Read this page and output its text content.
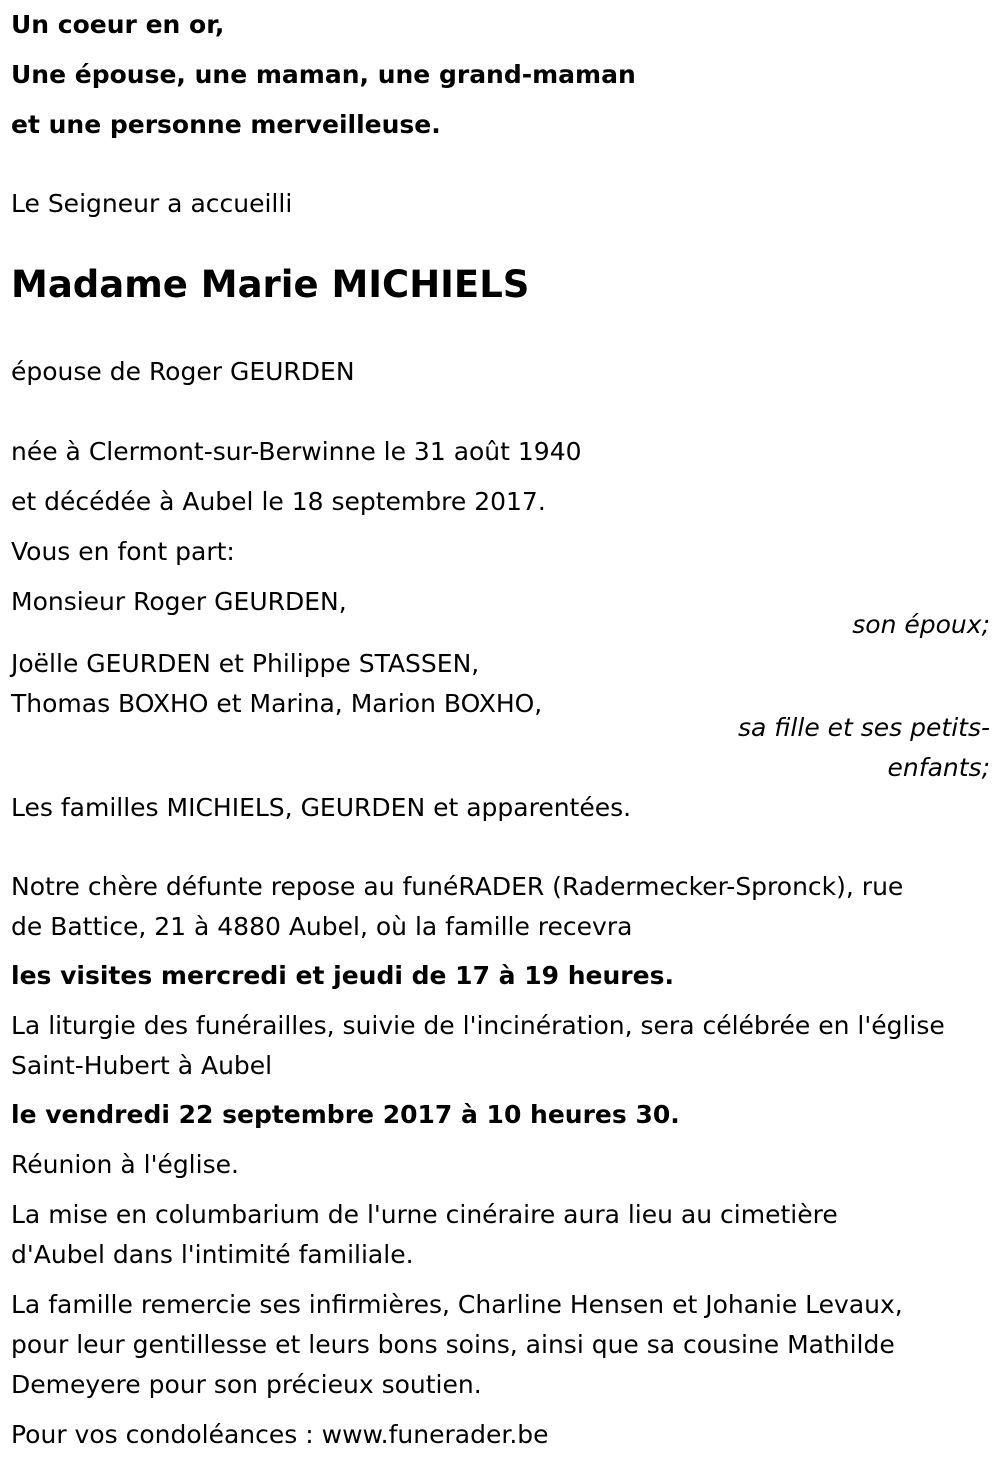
Un coeur en or,

Une épouse, une maman, une grand-maman

et une personne merveilleuse.

Le Seigneur a accueilli

Madame Marie MICHIELS

épouse de Roger GEURDEN

née à Clermont-sur-Berwinne le 31 août 1940

et décédée à Aubel le 18 septembre 2017.

Vous en font part:

Monsieur Roger GEURDEN,

son époux;

Joëlle GEURDEN et Philippe STASSEN,

Thomas BOXHO et Marina, Marion BOXHO,

sa fille et ses petits-
enfants;

Les familles MICHIELS, GEURDEN et apparentées.

Notre chère défunte repose au funéRADER (Radermecker-Spronck), rue

de Battice, 21 à 4880 Aubel, où la famille recevra

les visites mercredi et jeudi de 17 à 19 heures.

La liturgie des funérailles, suivie de l'incinération, sera célébrée en l'église

Saint-Hubert à Aubel

le vendredi 22 septembre 2017 à 10 heures 30.

Réunion à l'église.

La mise en columbarium de l'urne cinéraire aura lieu au cimetière

d'Aubel dans l'intimité familiale.

La famille remercie ses infirmières, Charline Hensen et Johanie Levaux,

pour leur gentillesse et leurs bons soins, ainsi que sa cousine Mathilde

Demeyere pour son précieux soutien.

Pour vos condoléances : www.funerader.be
